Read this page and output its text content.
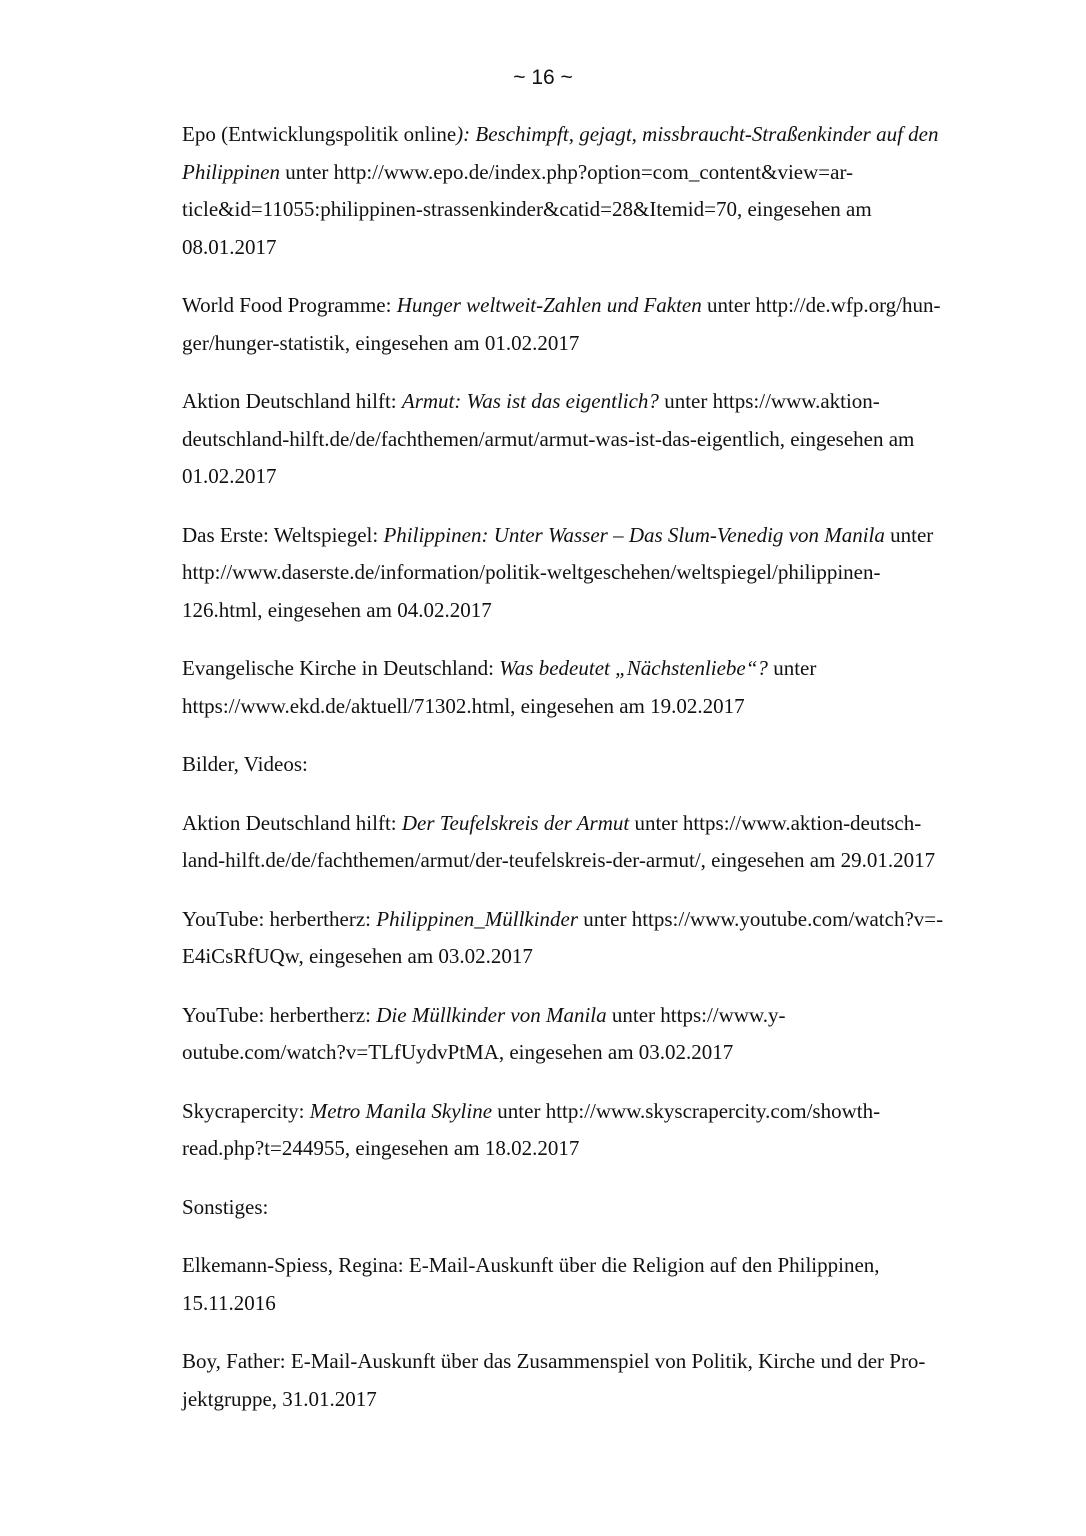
~ 16 ~

Epo (Entwicklungspolitik online): Beschimpft, gejagt, missbraucht-Straßenkinder auf den
Philippinen unter http://www.epo.de/index.php?option=com_content&view=ar-
ticle&id=11055:philippinen-strassenkinder&catid=28&Itemid=70, eingesehen am
08.01.2017

World Food Programme: Hunger weltweit-Zahlen und Fakten unter http://de.wfp.org/hun-
ger/hunger-statistik, eingesehen am 01.02.2017

Aktion Deutschland hilft: Armut: Was ist das eigentlich? unter https://www.aktion-
deutschland-hilft.de/de/fachthemen/armut/armut-was-ist-das-eigentlich, eingesehen am
01.02.2017

Das Erste: Weltspiegel: Philippinen: Unter Wasser – Das Slum-Venedig von Manila unter
http://www.daserste.de/information/politik-weltgeschehen/weltspiegel/philippinen-
126.html, eingesehen am 04.02.2017

Evangelische Kirche in Deutschland: Was bedeutet „Nächstenliebe“? unter
https://www.ekd.de/aktuell/71302.html, eingesehen am 19.02.2017

Bilder, Videos:

Aktion Deutschland hilft: Der Teufelskreis der Armut unter https://www.aktion-deutsch-
land-hilft.de/de/fachthemen/armut/der-teufelskreis-der-armut/, eingesehen am 29.01.2017

YouTube: herbertherz: Philippinen_Müllkinder unter https://www.youtube.com/watch?v=-
E4iCsRfUQw, eingesehen am 03.02.2017

YouTube: herbertherz: Die Müllkinder von Manila unter https://www.y-
outube.com/watch?v=TLfUydvPtMA, eingesehen am 03.02.2017

Skycrapercity: Metro Manila Skyline unter http://www.skyscrapercity.com/showth-
read.php?t=244955, eingesehen am 18.02.2017

Sonstiges:

Elkemann-Spiess, Regina: E-Mail-Auskunft über die Religion auf den Philippinen,
15.11.2016

Boy, Father: E-Mail-Auskunft über das Zusammenspiel von Politik, Kirche und der Pro-
jektgruppe, 31.01.2017
